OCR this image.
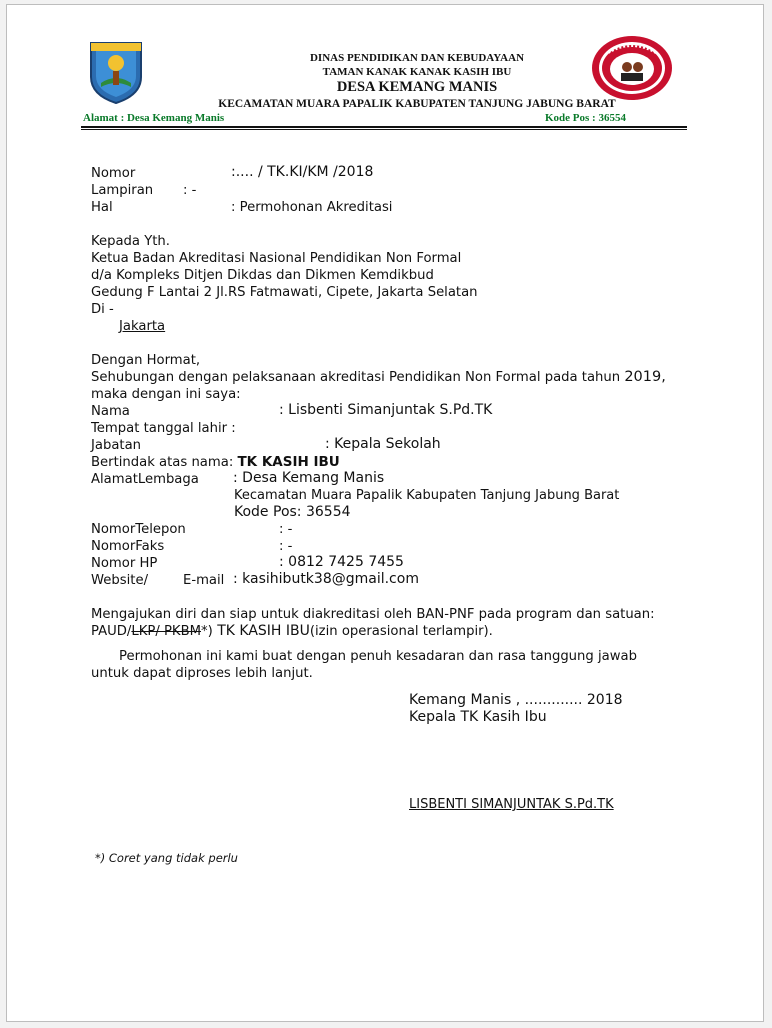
DINAS PENDIDIKAN DAN KEBUDAYAAN
TAMAN KANAK KANAK KASIH IBU
DESA KEMANG MANIS
KECAMATAN MUARA PAPALIK KABUPATEN TANJUNG JABUNG BARAT
Alamat : Desa Kemang Manis	Kode Pos : 36554
Nomor	:.... / TK.KI/KM /2018
Lampiran : -
Hal	: Permohonan Akreditasi
Kepada Yth.
Ketua Badan Akreditasi Nasional Pendidikan Non Formal
d/a Kompleks Ditjen Dikdas dan Dikmen Kemdikbud
Gedung F Lantai 2 Jl.RS Fatmawati, Cipete, Jakarta Selatan
Di -
Jakarta
Dengan Hormat,
Sehubungan dengan pelaksanaan akreditasi Pendidikan Non Formal pada tahun 2019,
maka dengan ini saya:
Nama	: Lisbenti Simanjuntak S.Pd.TK
Tempat tanggal lahir :
Jabatan	: Kepala Sekolah
Bertindak atas nama: TK KASIH IBU
AlamatLembaga : Desa Kemang Manis
Kecamatan Muara Papalik Kabupaten Tanjung Jabung Barat
Kode Pos: 36554
NomorTelepon	: -
NomorFaks	: -
Nomor HP	: 0812 7425 7455
Website/	E-mail : kasihibutk38@gmail.com
Mengajukan diri dan siap untuk diakreditasi oleh BAN-PNF pada program dan satuan:
PAUD/LKP/ PKBM*) TK KASIH IBU(izin operasional terlampir).
Permohonan ini kami buat dengan penuh kesadaran dan rasa tanggung jawab
untuk dapat diproses lebih lanjut.
Kemang Manis , ............. 2018
Kepala TK Kasih Ibu
LISBENTI SIMANJUNTAK S.Pd.TK
*) Coret yang tidak perlu
